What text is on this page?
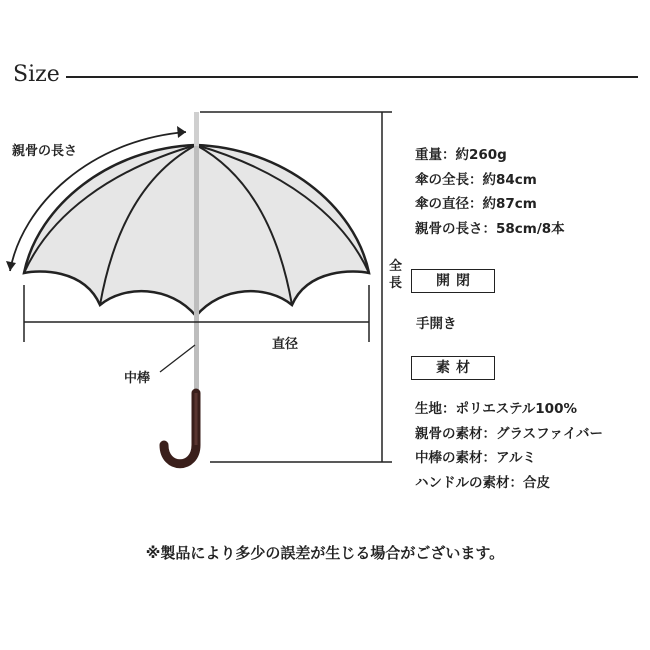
Size
親骨の長さ
中棒
直径
全長
重量：約260g
傘の全長：約84cm
傘の直径：約87cm
親骨の長さ：58cm/8本
開閉
手開き
素材
生地：ポリエステル100%
親骨の素材：グラスファイバー
中棒の素材：アルミ
ハンドルの素材：合皮
※製品により多少の誤差が生じる場合がございます。
